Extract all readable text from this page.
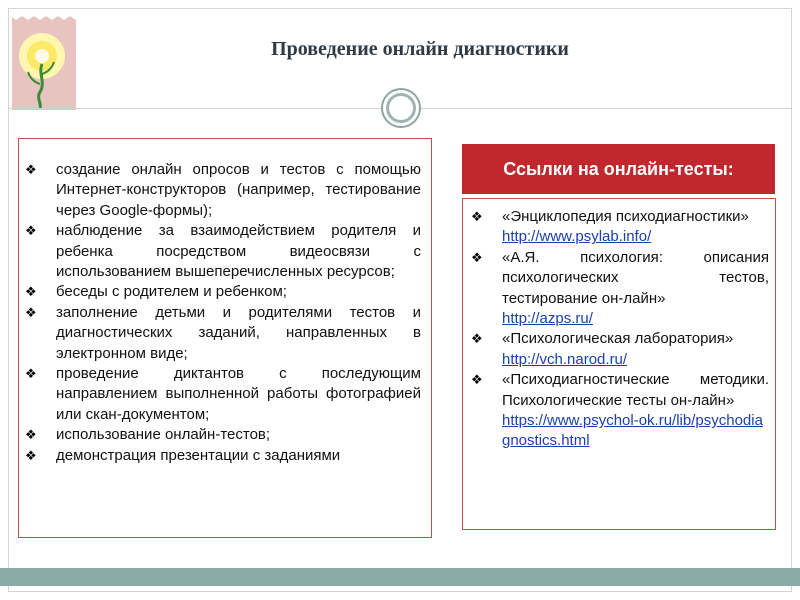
Проведение онлайн диагностики
❖ создание онлайн опросов и тестов с помощью Интернет-конструкторов (например, тестирование через Google-формы);
❖ наблюдение за взаимодействием родителя и ребенка посредством видеосвязи с использованием вышеперечисленных ресурсов;
❖ беседы с родителем и ребенком;
❖ заполнение детьми и родителями тестов и диагностических заданий, направленных в электронном виде;
❖ проведение диктантов с последующим направлением выполненной работы фотографией или скан-документом;
❖ использование онлайн-тестов;
❖ демонстрация презентации с заданиями
Ссылки на онлайн-тесты:
❖ «Энциклопедия психодиагностики»
http://www.psylab.info/
❖ «А.Я. психология: описания психологических тестов, тестирование он-лайн»
http://azps.ru/
❖ «Психологическая лаборатория»
http://vch.narod.ru/
❖ «Психодиагностические методики. Психологические тесты он-лайн»
https://www.psychol-ok.ru/lib/psychodiagnostics.html
